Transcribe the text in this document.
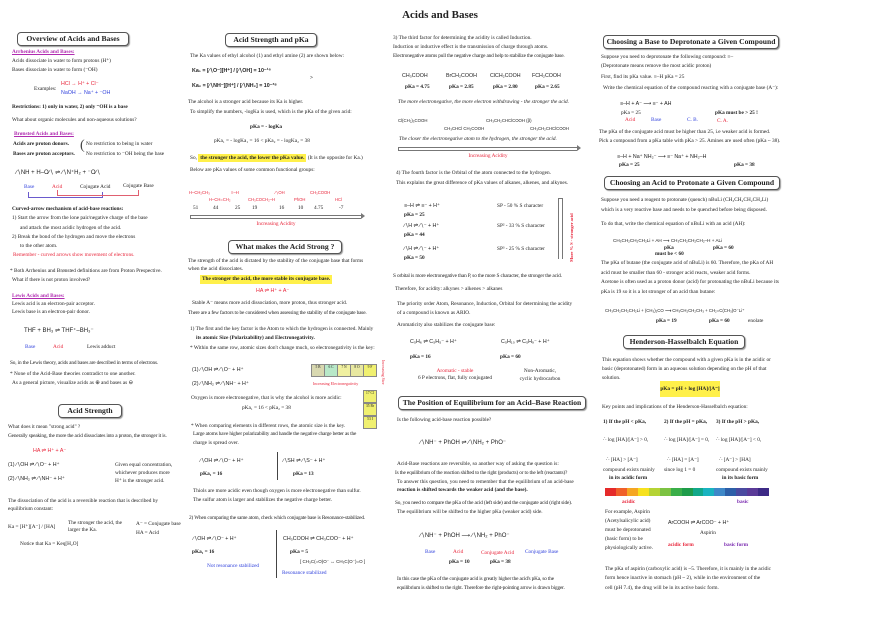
Acids and Bases
Overview of Acids and Bases
Arrhenius Acids and Bases:
Acids dissociate in water to form protons (H⁺)
Bases dissociate in water to form (⁻OH)
Examples:
HCl → H⁺ + Cl⁻
NaOH → Na⁺ + ⁻OH
Restrictions: 1) only in water, 2) only ⁻OH is a base
What about organic molecules and non-aqueous solutions?
Brønsted Acids and Bases:
Acids are proton donors.
Bases are proton acceptors.
( No restriction to being in water
No restriction to ⁻OH being the base
∕∖NH + H–O∕∖ ⇌ ∕∖N⁺H₂ + ⁻O∕∖
Base	Acid	Cojugate Acid Cojugate Base
Curved-arrow mechanism of acid-base reactions:
1) Start the arrow from the lone pair/negative charge of the base
and attack the most acidic hydrogen of the acid.
2) Break the bond of the hydrogen and move the electrons
to the other atom.
Remember - curved arrows show movement of electrons.
* Both Arrhenius and Brønsted definitions are from Proton Prespective.
What if there is not proton involved?
Lewis Acids and Bases:
Lewis acid is an electron-pair acceptor.
Lewis base is an electron-pair donor.
THF + BH₃ ⇌ THF⁺–BH₃⁻
Base	Acid	Lewis adduct
So, in the Lewis theory, acids and bases are described in terms of electrons.
* None of the Acid-Base theories contradict to one another.
As a general picture, visualize acids as ⊕ and bases as ⊖
Acid Strength
What does it mean "strong acid" ?
Generally speaking, the more the acid dissociates into a proton, the stronger it is.
HA ⇌ H⁺ + A⁻
(1) ∕∖OH ⇌ ∕∖O⁻ + H⁺
(2) ∕∖NH₂ ⇌ ∕∖NH⁻ + H⁺
Given equal concentration,
whichever produces more
H⁺ is the stronger acid.
The dissociation of the acid is a reversible reaction that is described by
equilibrium constant:
Ka = [H⁺][A⁻] / [HA]
The stronger the acid, the
larger the Ka.
A⁻ = Conjugate base
HA = Acid
Notice that Ka = Keq[H₂O]
Acid Strength and pKa
The Ka values of ethyl alcohol (1) and ethyl amine (2) are shown below:
Ka₁ = [∕∖O⁻][H⁺] / [∕∖OH] = 10⁻¹⁶
>
Ka₂ = [∕∖NH⁻][H⁺] / [∕∖NH₂] = 10⁻³⁸
The alcohol is a stronger acid because its Ka is higher.
To simplify the numbers, -logKa is used, which is the pKa of the given acid:
pKa = - logKa
pKa₁ = - logKa₁ = 16 < pKa₂ = - logKa₂ = 38
So, the stronger the acid, the lower the pKa value. (It is the opposite for Ka.)
Below are pKa values of some common functional groups:
H–CH₂CH₃
51
H–CH=CH₂
44
≡–H
25
CH₃COCH₂–H
19
∕∖OH
16
PhOH
10
CH₃COOH
4.75
HCl
-7
Increasing Acidity
What makes the Acid Strong ?
The strength of the acid is dictated by the stability of the conjugate base that forms
when the acid dissociates.
The stronger the acid, the more stable its conjugate base.
HA ⇌ H⁺ + A⁻
Stable A⁻ means more acid dissociation, more proton, thus stronger acid.
There are a few factors to be considered when assessing the stability of the conjugate base.
1) The first and the key factor is the Atom to which the hydrogen is connected. Mainly
its atomic Size (Polarizability) and Electronegativity.
* Within the same row, atomic sizes don't change much, so electronegativity is the key:
(1) ∕∖OH ⇌ ∕∖O⁻ + H⁺
(2) ∕∖NH₂ ⇌ ∕∖NH⁻ + H⁺
5 B	6 C	7 N	8 O	9 F
17 Cl
35 Br
53 I
Increasing Electronegativity	Increasing Size
Oxygen is more electronegative, that is why the alcohol is more acidic:
pKa₁ = 16 < pKa₂ = 38
* When comparing elements in different rows, the atomic size is the key.
Large atoms have higher polarizability and handle the negative charge better as the
charge is spread over.
∕∖OH ⇌ ∕∖O⁻ + H⁺	∕∖SH ⇌ ∕∖S⁻ + H⁺
pKa₁ = 16	pKa = 13
Thiols are more acidic even though oxygen is more electronegative than sulfur.
The sulfur atom is larger and stabilizes the negative charge better.
2) When comparing the same atom, check which conjugate base is Resonance-stabilized.
∕∖OH ⇌ ∕∖O⁻ + H⁺	CH₃COOH ⇌ CH₃COO⁻ + H⁺
pKa₁ = 16	pKa = 5
Not resonance stabilized
[ CH₃C(=O)O⁻ ↔ CH₃C(O⁻)=O ]
Resonance stabilized
3) The third factor for determining the acidity is called Induction.
Induction or inductive effect is the transmission of charge through atoms.
Electronegative atoms pull the negative charge and help to stabilize the conjugate base.
CH₃COOH
pKa = 4.75
BrCH₂COOH
pKa = 2.85
ClCH₂COOH
pKa = 2.80
FCH₂COOH
pKa = 2.65
The more electronegative, the more electron withdrawing - the stronger the acid.
Cl(CH₂)₃COOH
CH₃CHCl CH₂COOH
CH₃CH₂CHClCOOH (β)
CH₃CH₂CHClCOOH
The closer the electronegative atom to the hydrogen, the stronger the acid.
Increasing Acidity
4) The fourth factor is the Orbital of the atom connected to the hydrogen.
This explains the great difference of pKa values of alkanes, alkenes, and alkynes.
≡–H ⇌ ≡⁻ + H⁺
pKa = 25
SP - 50 % S character
∕∖H ⇌ ∕∖⁻ + H⁺
pKa = 44
SP² - 33 % S character
∕∖H ⇌ ∕∖⁻ + H⁺
pKa = 50
SP³ - 25 % S character	More % S - stronger acid
S orbital is more electronegative than P, so the more S character, the stronger the acid.
Therefore, for acidity: alkynes > alkenes > alkanes
The priority order Atom, Resonance, Induction, Orbital for determining the acidity
of a compound is known as ARIO.
Aromaticity also stabilizes the conjugate base:
C₅H₆ ⇌ C₅H₅⁻ + H⁺	C₅H₁₀ ⇌ C₅H₉⁻ + H⁺
pKa = 16	pKa = 60
Aromatic - stable
6 P electrons, flat, fully conjugated
Non-Aromatic,
cyclic hydrocarbon
The Position of Equilibrium for an Acid–Base Reaction
Is the following acid-base reaction possible?
∕∖NH⁻ + PhOH ⇌ ∕∖NH₂ + PhO⁻
Acid-Base reactions are reversible, so another way of asking the question is:
Is the equilibrium of the reaction shifted to the right (products) or to the left (reactants)?
To answer this question, you need to remember that the equilibrium of an acid-base
reaction is shifted towards the weaker acid (and the base).
So, you need to compare the pKa of the acid (left side) and the conjugate acid (right side).
The equilibrium will be shifted to the higher pKa (weaker acid) side.
∕∖NH⁻ + PhOH ⟶ ∕∖NH₂ + PhO⁻
Base	Acid	Conjugate Acid Conjugate Base
pKa = 10	pKa = 38
In this case the pKa of the conjugate acid is greatly higher the acid's pKa, so the
equilibrium is shifted to the right. Therefore the right-pointing arrow is drawn bigger.
Choosing a Base to Deprotonate a Given Compound
Suppose you need to deprotonate the following compound: ≡–
(Deprotonate means remove the most acidic proton)
First, find its pKa value. ≡–H pKa = 25
Write the chemical equation of the compound reacting with a conjugate base (A⁻):
≡–H + A⁻ ⟶ ≡⁻ + AH
pKa = 25	pKa must be > 25 !
Acid	Base	C. B.	C. A.
The pKa of the conjugate acid must be higher than 25, i.e weaker acid is formed.
Pick a compound from a pKa table with pKa > 25. Amines are used often (pKa ~ 38).
≡–H + Na⁺ NH₂⁻ ⟶ ≡⁻ Na⁺ + NH₂–H
pKa = 25	pKa = 38
Choosing an Acid to Protonate a Given Compound
Suppose you need a reagent to protonate (quench) nBuLi (CH₃CH₂CH₂CH₂Li)
which is a very reactive base and needs to be quenched before being disposed.
To do that, write the chemical equation of nBuLi with an acid (AH):
CH₃CH₂CH₂CH₂Li + AH ⟶ CH₃CH₂CH₂CH₂–H + ALi
pKa
must be < 60
pKa = 60
The pKa of butane (the conjugate acid of nBuLi) is 60. Therefore, the pKa of AH
acid must be smaller than 60 - stronger acid reacts, weaker acid forms.
Acetone is often used as a proton donor (acid) for protonating the nBuLi because its
pKa is 19 so it is a lot stronger of an acid than butane:
CH₃CH₂CH₂CH₂Li + (CH₃)₂CO ⟶ CH₃CH₂CH₂CH₃ + CH₂=C(CH₃)O⁻Li⁺
pKa = 19	pKa = 60	enolate
Henderson-Hasselbalch Equation
This equation shows whether the compound with a given pKa is in the acidic or
basic (deprotonated) form in an aqueous solution depending on the pH of that
solution.
pKa = pH + log [HA]/[A⁻]
Key points and implications of the Henderson-Hasselbalch equation:
1) If the pH < pKa,
∴ log [HA]/[A⁻] > 0,
∴ [HA] > [A⁻]
compound exists mainly
in its acidic form
2) If the pH = pKa,
∴ log [HA]/[A⁻] = 0,
∴ [HA] = [A⁻]
since log 1 = 0
3) If the pH > pKa,
∴ log [HA]/[A⁻] < 0,
∴ [A⁻] > [HA]
compound exists mainly
in its basic form
acidic	basic
For example, Aspirin
(Acetylsalicylic acid)
must be deprotonated
(basic form) to be
physiologically active.
ArCOOH ⇌ ArCOO⁻ + H⁺
Aspirin
acidic form	basic form
The pKa of aspirin (carboxylic acid) is ~5. Therefore, it is mainly in the acidic
form hence inactive in stomach (pH ~ 2), while in the environment of the
cell (pH 7.4), the drug will be in its active basic form.
